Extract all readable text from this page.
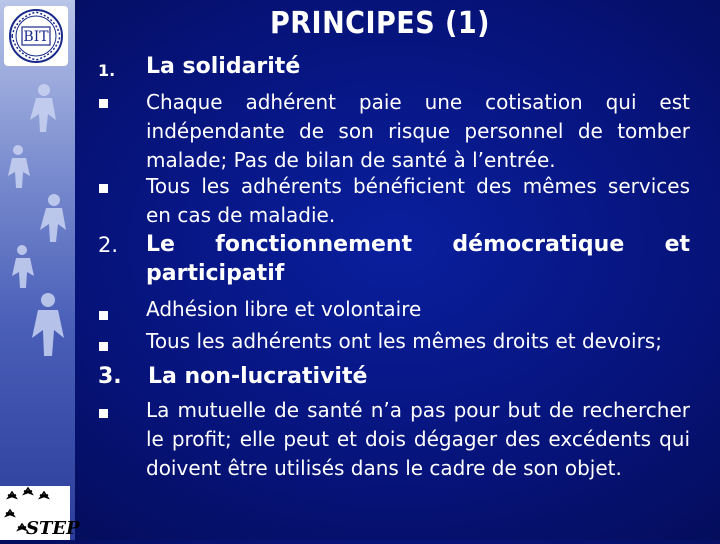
BIT
STEP
PRINCIPES (1)
1. La solidarité
Chaque adhérent paie une cotisation qui est indépendante de son risque personnel de tomber malade; Pas de bilan de santé à l’entrée.
Tous les adhérents bénéficient des mêmes services en cas de maladie.
2. Le fonctionnement démocratique et participatif
Adhésion libre et volontaire
Tous les adhérents ont les mêmes droits et devoirs;
3. La non-lucrativité
La mutuelle de santé n’a pas pour but de rechercher le profit; elle peut et dois dégager des excédents qui doivent être utilisés dans le cadre de son objet.
